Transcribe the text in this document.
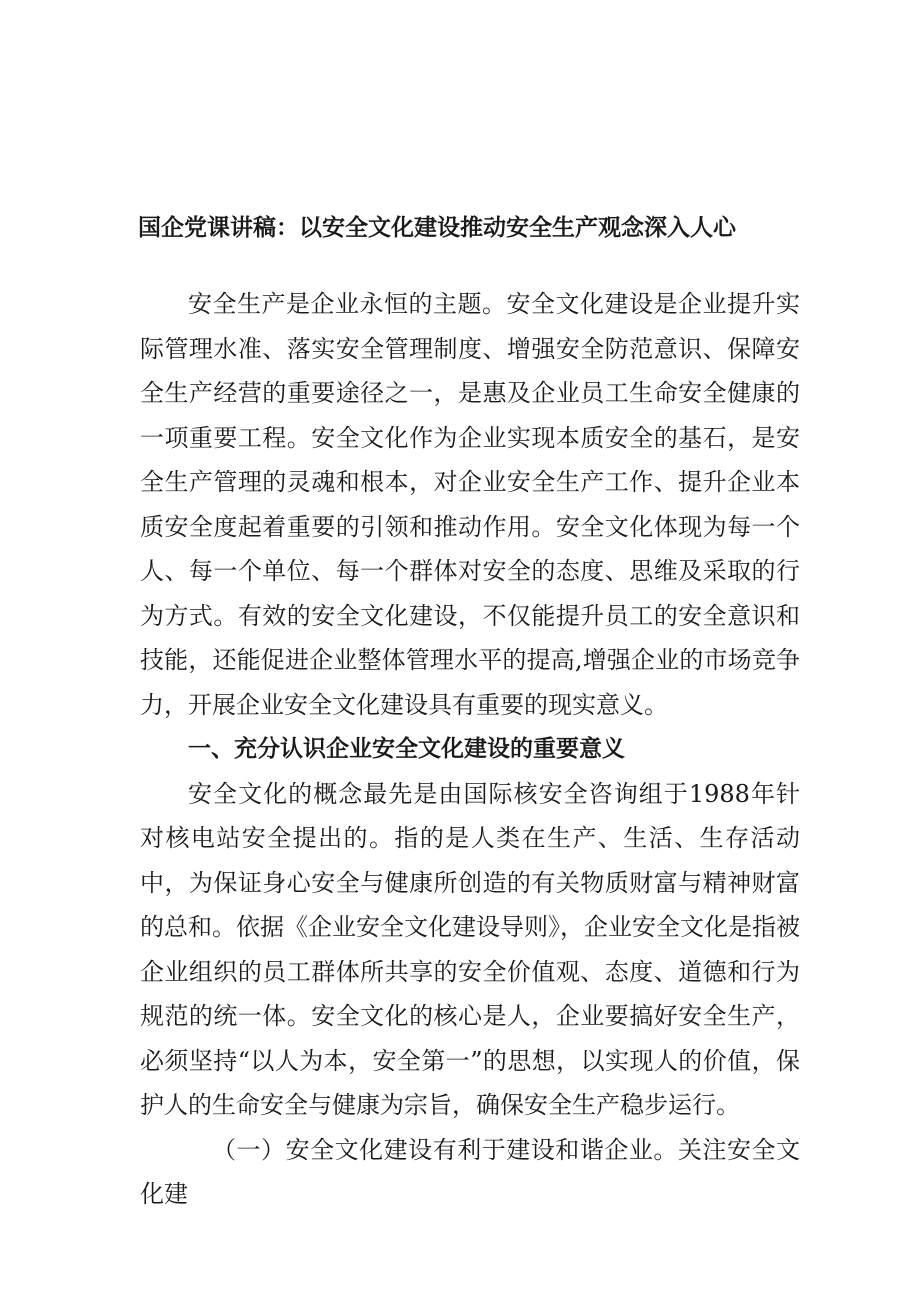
国企党课讲稿：以安全文化建设推动安全生产观念深入人心

安全生产是企业永恒的主题。安全文化建设是企业提升实际管理水准、落实安全管理制度、增强安全防范意识、保障安全生产经营的重要途径之一，是惠及企业员工生命安全健康的一项重要工程。安全文化作为企业实现本质安全的基石，是安全生产管理的灵魂和根本，对企业安全生产工作、提升企业本质安全度起着重要的引领和推动作用。安全文化体现为每一个人、每一个单位、每一个群体对安全的态度、思维及采取的行为方式。有效的安全文化建设，不仅能提升员工的安全意识和技能，还能促进企业整体管理水平的提高,增强企业的市场竞争力，开展企业安全文化建设具有重要的现实意义。

一、充分认识企业安全文化建设的重要意义

安全文化的概念最先是由国际核安全咨询组于1988年针对核电站安全提出的。指的是人类在生产、生活、生存活动中，为保证身心安全与健康所创造的有关物质财富与精神财富的总和。依据《企业安全文化建设导则》，企业安全文化是指被企业组织的员工群体所共享的安全价值观、态度、道德和行为规范的统一体。安全文化的核心是人，企业要搞好安全生产，必须坚持“以人为本，安全第一”的思想，以实现人的价值，保护人的生命安全与健康为宗旨，确保安全生产稳步运行。

（一）安全文化建设有利于建设和谐企业。关注安全文化建
